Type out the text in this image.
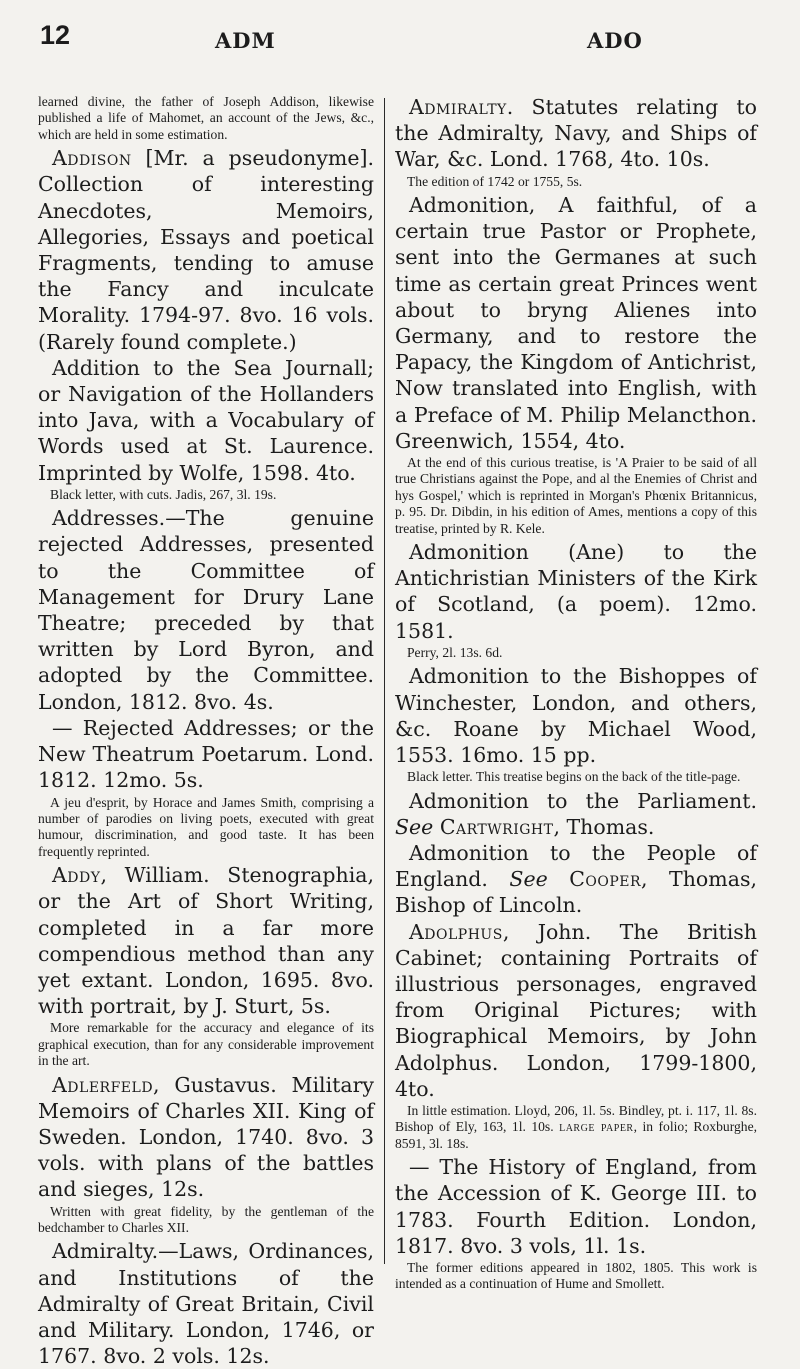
12	ADM	ADO

learned divine, the father of Joseph Addison, likewise published a life of Mahomet, an account of the Jews, &c., which are held in some estimation.

Addison [Mr. a pseudonyme]. Collection of interesting Anecdotes, Memoirs, Allegories, Essays and poetical Fragments, tending to amuse the Fancy and inculcate Morality. 1794-97. 8vo. 16 vols. (Rarely found complete.)

Addition to the Sea Journall; or Navigation of the Hollanders into Java, with a Vocabulary of Words used at St. Laurence. Imprinted by Wolfe, 1598. 4to.

Black letter, with cuts. Jadis, 267, 3l. 19s.

Addresses.—The genuine rejected Addresses, presented to the Committee of Management for Drury Lane Theatre; preceded by that written by Lord Byron, and adopted by the Committee. London, 1812. 8vo. 4s.

— Rejected Addresses; or the New Theatrum Poetarum. Lond. 1812. 12mo. 5s.

A jeu d'esprit, by Horace and James Smith, comprising a number of parodies on living poets, executed with great humour, discrimination, and good taste. It has been frequently reprinted.

Addy, William. Stenographia, or the Art of Short Writing, completed in a far more compendious method than any yet extant. London, 1695. 8vo. with portrait, by J. Sturt, 5s.

More remarkable for the accuracy and elegance of its graphical execution, than for any considerable improvement in the art.

Adlerfeld, Gustavus. Military Memoirs of Charles XII. King of Sweden. London, 1740. 8vo. 3 vols. with plans of the battles and sieges, 12s.

Written with great fidelity, by the gentleman of the bedchamber to Charles XII.

Admiralty.—Laws, Ordinances, and Institutions of the Admiralty of Great Britain, Civil and Military. London, 1746, or 1767. 8vo. 2 vols. 12s.

Admiralty. Statutes relating to the Admiralty, Navy, and Ships of War, &c. Lond. 1768, 4to. 10s.

The edition of 1742 or 1755, 5s.

Admonition, A faithful, of a certain true Pastor or Prophete, sent into the Germanes at such time as certain great Princes went about to bryng Alienes into Germany, and to restore the Papacy, the Kingdom of Antichrist, Now translated into English, with a Preface of M. Philip Melancthon. Greenwich, 1554, 4to.

At the end of this curious treatise, is 'A Praier to be said of all true Christians against the Pope, and al the Enemies of Christ and hys Gospel,' which is reprinted in Morgan's Phœnix Britannicus, p. 95. Dr. Dibdin, in his edition of Ames, mentions a copy of this treatise, printed by R. Kele.

Admonition (Ane) to the Antichristian Ministers of the Kirk of Scotland, (a poem). 12mo. 1581.

Perry, 2l. 13s. 6d.

Admonition to the Bishoppes of Winchester, London, and others, &c. Roane by Michael Wood, 1553. 16mo. 15 pp.

Black letter. This treatise begins on the back of the title-page.

Admonition to the Parliament. See Cartwright, Thomas.

Admonition to the People of England. See Cooper, Thomas, Bishop of Lincoln.

Adolphus, John. The British Cabinet; containing Portraits of illustrious personages, engraved from Original Pictures; with Biographical Memoirs, by John Adolphus. London, 1799-1800, 4to.

In little estimation. Lloyd, 206, 1l. 5s. Bindley, pt. i. 117, 1l. 8s. Bishop of Ely, 163, 1l. 10s. large paper, in folio; Roxburghe, 8591, 3l. 18s.

— The History of England, from the Accession of K. George III. to 1783. Fourth Edition. London, 1817. 8vo. 3 vols, 1l. 1s.

The former editions appeared in 1802, 1805. This work is intended as a continuation of Hume and Smollett.
